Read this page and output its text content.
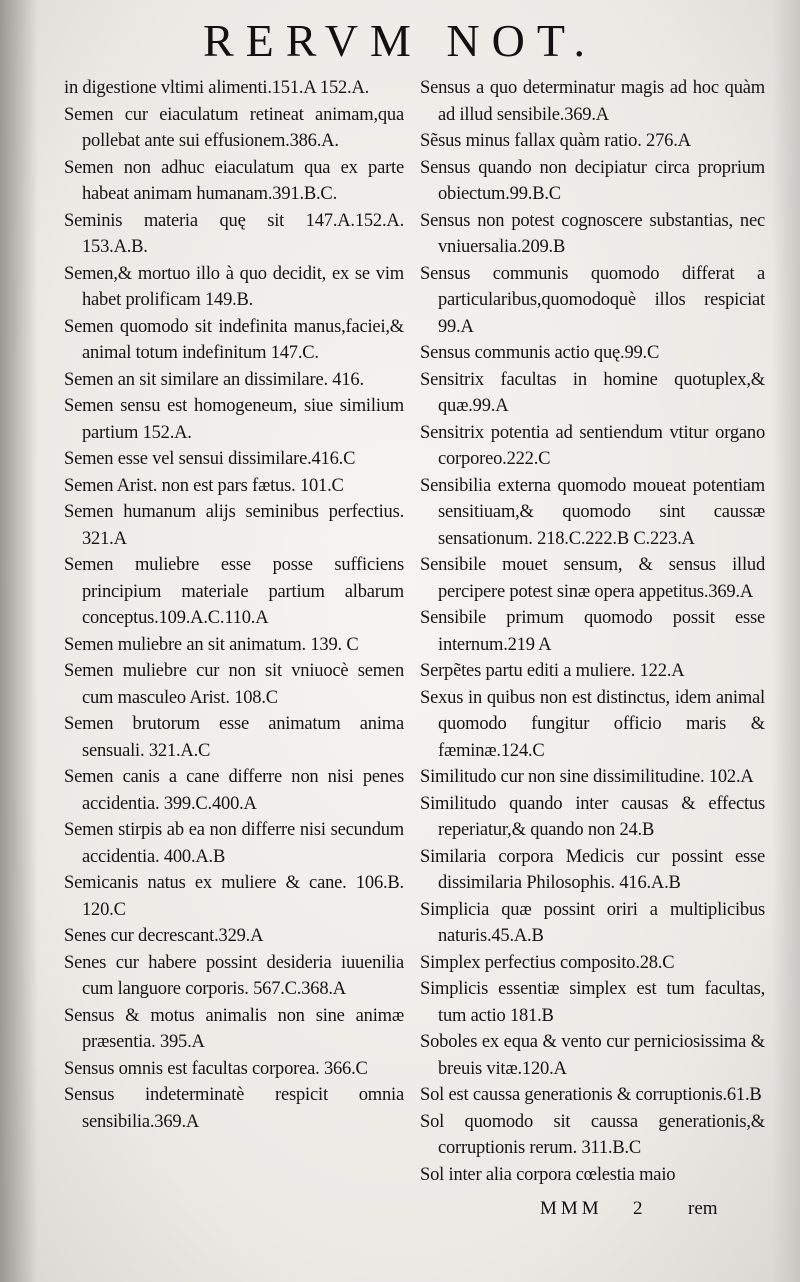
RERVM NOT.

in digestione vltimi alimenti.151.A 152.A.

Semen cur eiaculatum retineat animam,qua pollebat ante sui effusionem.386.A.

Semen non adhuc eiaculatum qua ex parte habeat animam humanam.391.B.C.

Seminis materia quę sit 147.A.152.A. 153.A.B.

Semen,& mortuo illo à quo decidit, ex se vim habet prolificam 149.B.

Semen quomodo sit indefinita manus,faciei,& animal totum indefinitum 147.C.

Semen an sit similare an dissimilare. 416.

Semen sensu est homogeneum, siue similium partium 152.A.

Semen esse vel sensui dissimilare.416.C

Semen Arist. non est pars fætus. 101.C

Semen humanum alijs seminibus perfectius. 321.A

Semen muliebre esse posse sufficiens principium materiale partium albarum conceptus.109.A.C.110.A

Semen muliebre an sit animatum. 139. C

Semen muliebre cur non sit vniuocè semen cum masculeo Arist. 108.C

Semen brutorum esse animatum anima sensuali. 321.A.C

Semen canis a cane differre non nisi penes accidentia. 399.C.400.A

Semen stirpis ab ea non differre nisi secundum accidentia. 400.A.B

Semicanis natus ex muliere & cane. 106.B. 120.C

Senes cur decrescant.329.A

Senes cur habere possint desideria iuuenilia cum languore corporis. 567.C.368.A

Sensus & motus animalis non sine animæ præsentia. 395.A

Sensus omnis est facultas corporea. 366.C

Sensus indeterminatè respicit omnia sensibilia.369.A

Sensus a quo determinatur magis ad hoc quàm ad illud sensibile.369.A

Sẽsus minus fallax quàm ratio. 276.A

Sensus quando non decipiatur circa proprium obiectum.99.B.C

Sensus non potest cognoscere substantias, nec vniuersalia.209.B

Sensus communis quomodo differat a particularibus,quomodoquè illos respiciat 99.A

Sensus communis actio quę.99.C

Sensitrix facultas in homine quotuplex,& quæ.99.A

Sensitrix potentia ad sentiendum vtitur organo corporeo.222.C

Sensibilia externa quomodo moueat potentiam sensitiuam,& quomodo sint caussæ sensationum. 218.C.222.B C.223.A

Sensibile mouet sensum, & sensus illud percipere potest sinæ opera appetitus.369.A

Sensibile primum quomodo possit esse internum.219 A

Serpẽtes partu editi a muliere. 122.A

Sexus in quibus non est distinctus, idem animal quomodo fungitur officio maris & fæminæ.124.C

Similitudo cur non sine dissimilitudine. 102.A

Similitudo quando inter causas & effectus reperiatur,& quando non 24.B

Similaria corpora Medicis cur possint esse dissimilaria Philosophis. 416.A.B

Simplicia quæ possint oriri a multiplicibus naturis.45.A.B

Simplex perfectius composito.28.C

Simplicis essentiæ simplex est tum facultas, tum actio 181.B

Soboles ex equa & vento cur perniciosissima & breuis vitæ.120.A

Sol est caussa generationis & corruptionis.61.B

Sol quomodo sit caussa generationis,& corruptionis rerum. 311.B.C

Sol inter alia corpora cœlestia maio

MMM 2 rem
